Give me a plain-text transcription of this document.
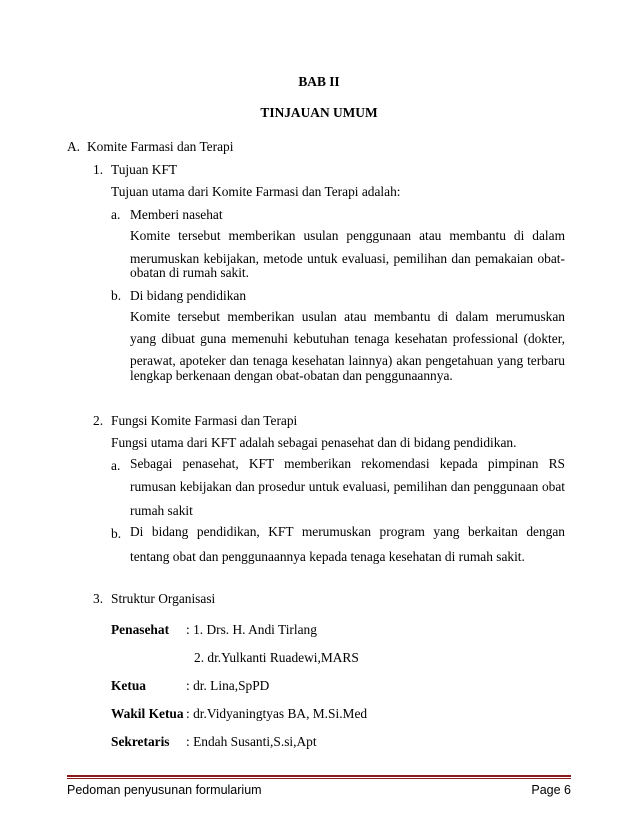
BAB II
TINJAUAN UMUM
A. Komite Farmasi dan Terapi
1. Tujuan KFT
Tujuan utama dari Komite Farmasi dan Terapi adalah:
a. Memberi nasehat
Komite tersebut memberikan usulan penggunaan atau membantu di dalam
merumuskan kebijakan, metode untuk evaluasi, pemilihan dan pemakaian obat-
obatan di rumah sakit.
b. Di bidang pendidikan
Komite tersebut memberikan usulan atau membantu di dalam merumuskan
yang dibuat guna memenuhi kebutuhan tenaga kesehatan professional (dokter,
perawat, apoteker dan tenaga kesehatan lainnya) akan pengetahuan yang terbaru
lengkap berkenaan dengan obat-obatan dan penggunaannya.
2. Fungsi Komite Farmasi dan Terapi
Fungsi utama dari KFT adalah sebagai penasehat dan di bidang pendidikan.
a. Sebagai penasehat, KFT memberikan rekomendasi kepada pimpinan RS
rumusan kebijakan dan prosedur untuk evaluasi, pemilihan dan penggunaan obat
rumah sakit
b. Di bidang pendidikan, KFT merumuskan program yang berkaitan dengan
tentang obat dan penggunaannya kepada tenaga kesehatan di rumah sakit.
3. Struktur Organisasi
Penasehat : 1. Drs. H. Andi Tirlang
2. dr.Yulkanti Ruadewi,MARS
Ketua	: dr. Lina,SpPD
Wakil Ketua : dr.Vidyaningtyas BA, M.Si.Med
Sekretaris : Endah Susanti,S.si,Apt
Pedoman penyusunan formularium	Page 6
